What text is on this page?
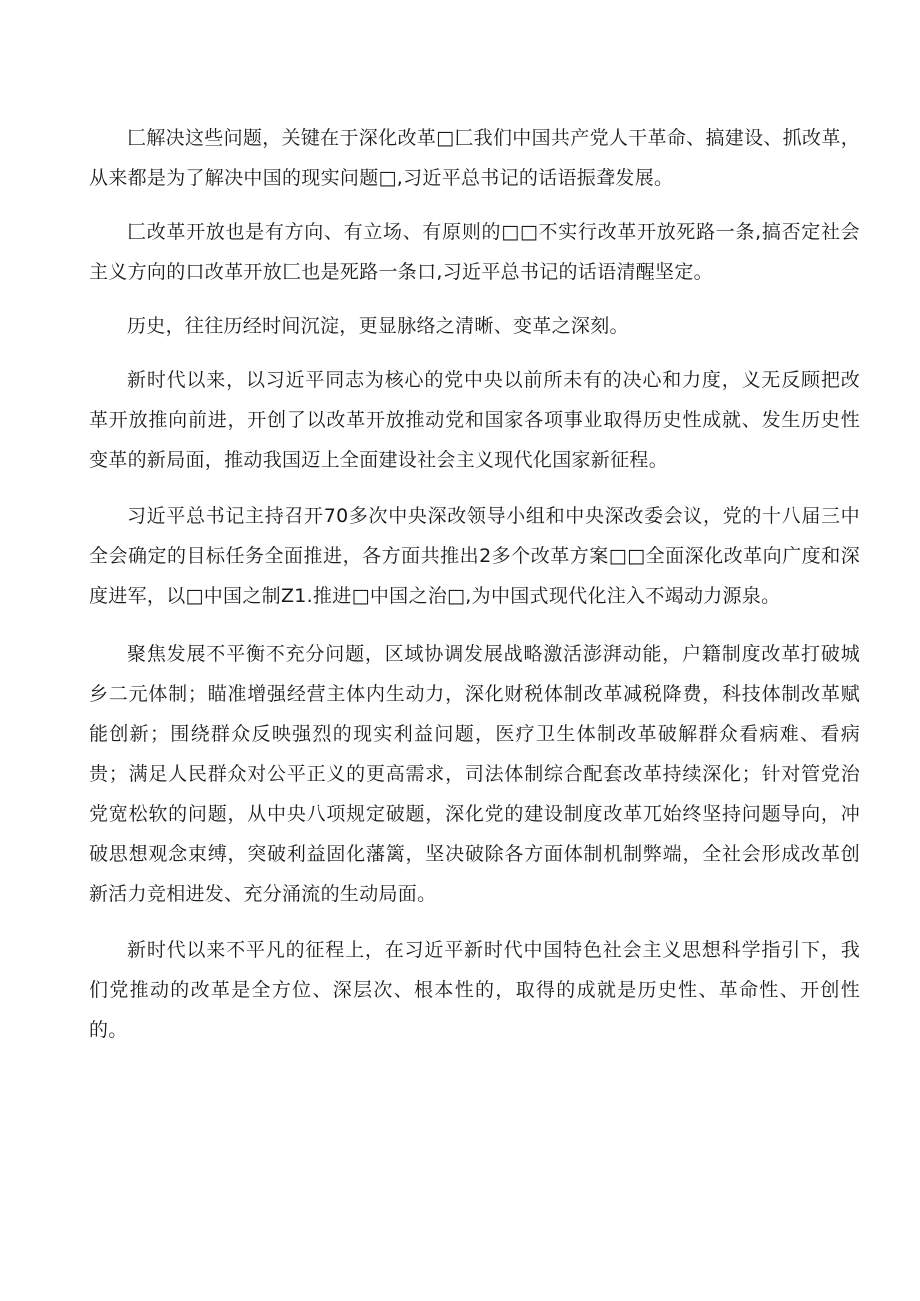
匚解决这些问题，关键在于深化改革□匚我们中国共产党人干革命、搞建设、抓改革，从来都是为了解决中国的现实问题□,习近平总书记的话语振聋发展。

匚改革开放也是有方向、有立场、有原则的□□不实行改革开放死路一条,搞否定社会主义方向的口改革开放匚也是死路一条口,习近平总书记的话语清醒坚定。

历史，往往历经时间沉淀，更显脉络之清晰、变革之深刻。

新时代以来，以习近平同志为核心的党中央以前所未有的决心和力度，义无反顾把改革开放推向前进，开创了以改革开放推动党和国家各项事业取得历史性成就、发生历史性变革的新局面，推动我国迈上全面建设社会主义现代化国家新征程。

习近平总书记主持召开70多次中央深改领导小组和中央深改委会议，党的十八届三中全会确定的目标任务全面推进，各方面共推出2多个改革方案□□全面深化改革向广度和深度进军，以□中国之制Z1.推进□中国之治□,为中国式现代化注入不竭动力源泉。

聚焦发展不平衡不充分问题，区域协调发展战略激活澎湃动能，户籍制度改革打破城乡二元体制；瞄准增强经营主体内生动力，深化财税体制改革减税降费，科技体制改革赋能创新；围绕群众反映强烈的现实利益问题，医疗卫生体制改革破解群众看病难、看病贵；满足人民群众对公平正义的更高需求，司法体制综合配套改革持续深化；针对管党治党宽松软的问题，从中央八项规定破题，深化党的建设制度改革兀始终坚持问题导向，冲破思想观念束缚，突破利益固化藩篱，坚决破除各方面体制机制弊端，全社会形成改革创新活力竞相进发、充分涌流的生动局面。

新时代以来不平凡的征程上，在习近平新时代中国特色社会主义思想科学指引下，我们党推动的改革是全方位、深层次、根本性的，取得的成就是历史性、革命性、开创性的。
